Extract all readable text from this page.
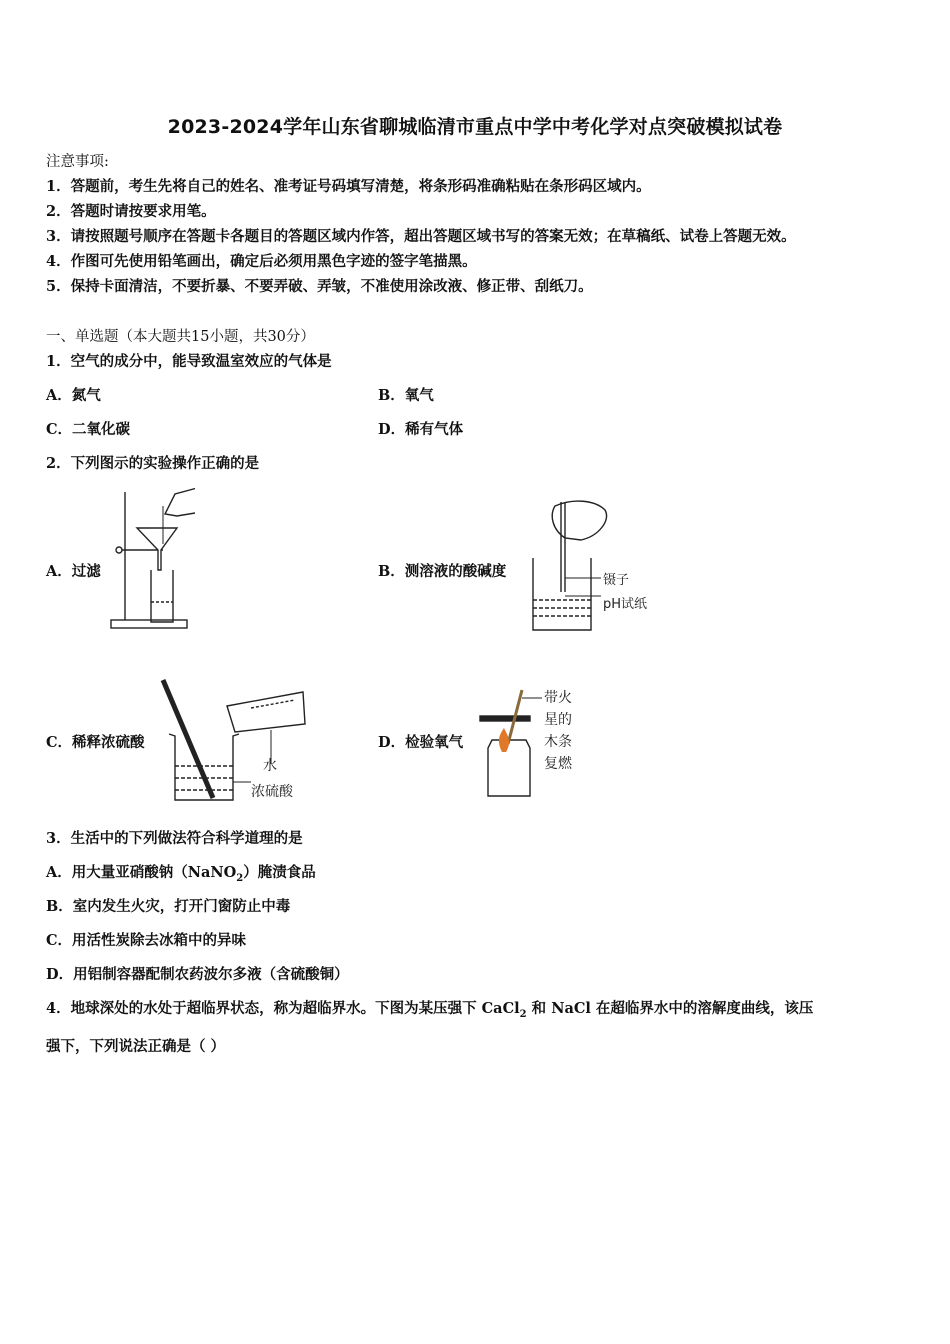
2023-2024学年山东省聊城临清市重点中学中考化学对点突破模拟试卷
注意事项:
1．答题前，考生先将自己的姓名、准考证号码填写清楚，将条形码准确粘贴在条形码区域内。
2．答题时请按要求用笔。
3．请按照题号顺序在答题卡各题目的答题区域内作答，超出答题区域书写的答案无效；在草稿纸、试卷上答题无效。
4．作图可先使用铅笔画出，确定后必须用黑色字迹的签字笔描黑。
5．保持卡面清洁，不要折暴、不要弄破、弄皱，不准使用涂改液、修正带、刮纸刀。
一、单选题（本大题共15小题，共30分）
1．空气的成分中，能导致温室效应的气体是
A．氮气	B．氧气
C．二氧化碳	D．稀有气体
2．下列图示的实验操作正确的是
A．过滤	B．测溶液的酸碱度
C．稀释浓硫酸	D．检验氧气
镊子
pH试纸
水
浓硫酸
带火
星的
木条
复燃
3．生活中的下列做法符合科学道理的是
A．用大量亚硝酸钠（NaNO$_2$）腌渍食品
B．室内发生火灾，打开门窗防止中毒
C．用活性炭除去冰箱中的异味
D．用铝制容器配制农药波尔多液（含硫酸铜）
4．地球深处的水处于超临界状态，称为超临界水。下图为某压强下 CaCl$_2$ 和 NaCl 在超临界水中的溶解度曲线，该压
强下，下列说法正确是（ ）
